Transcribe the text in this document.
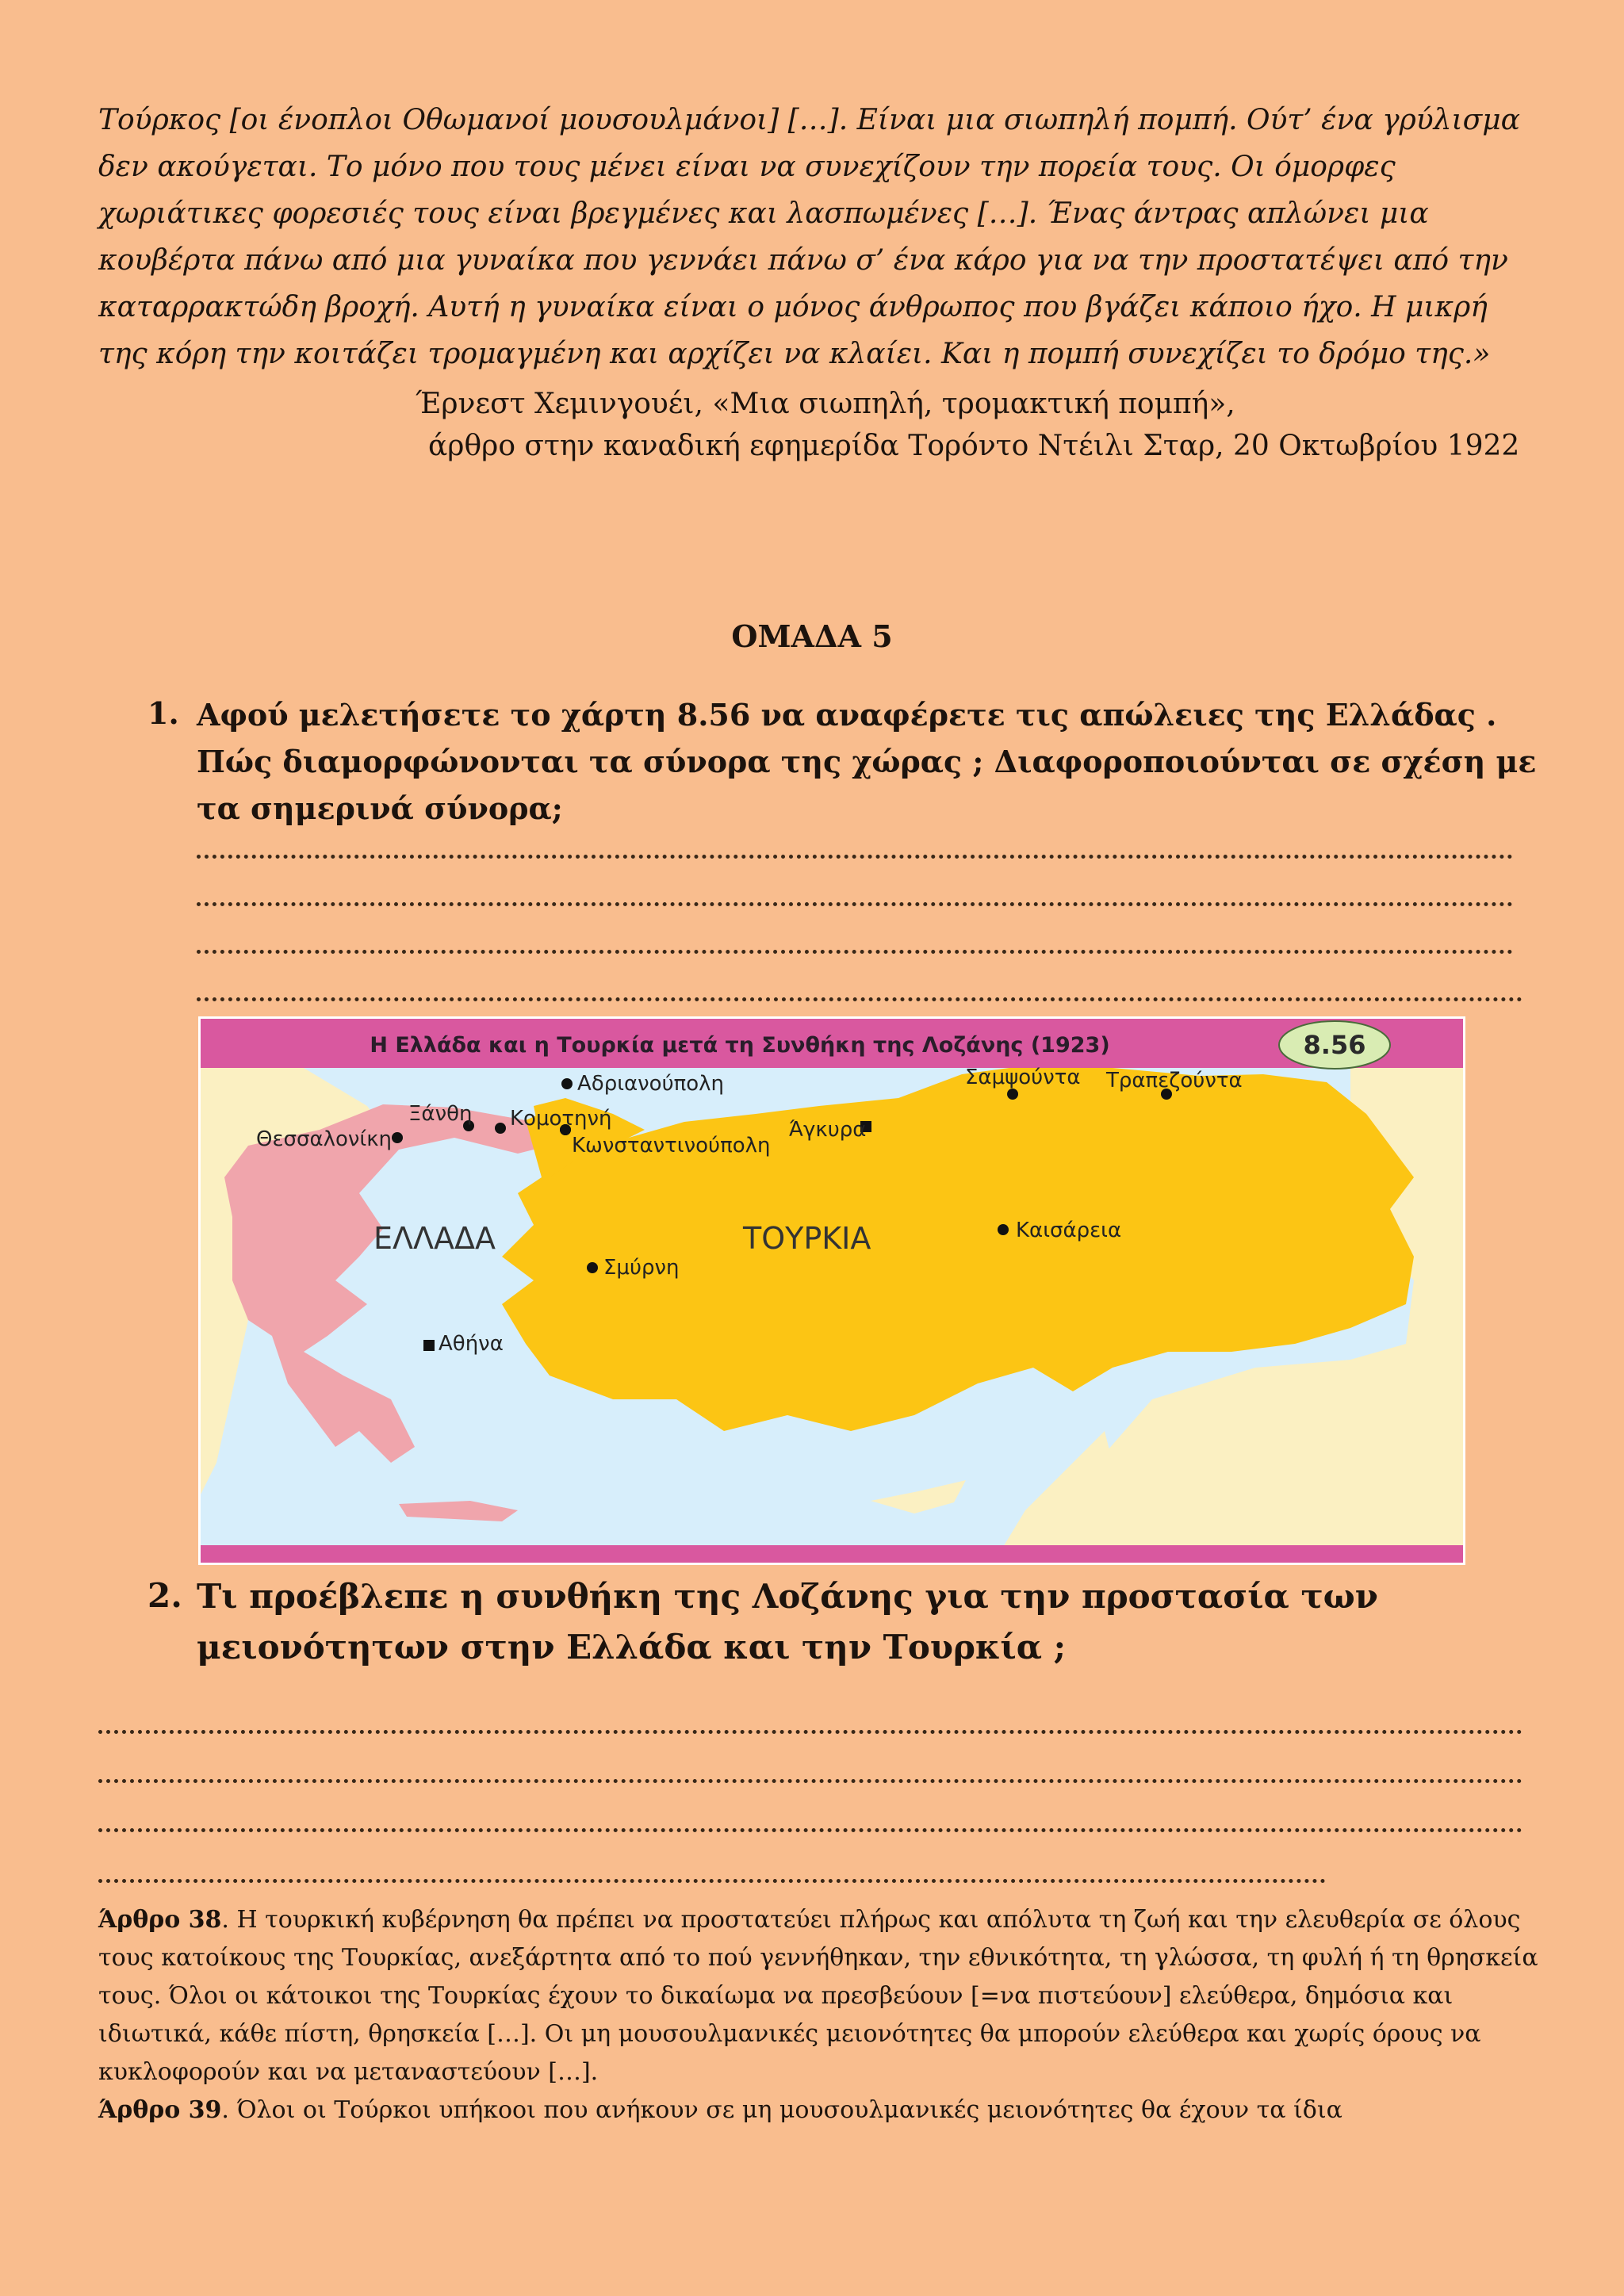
Τούρκος [οι ένοπλοι Οθωμανοί μουσουλμάνοι] […]. Είναι μια σιωπηλή πομπή. Ούτ’ ένα γρύλισμα δεν ακούγεται. Το μόνο που τους μένει είναι να συνεχίζουν την πορεία τους. Οι όμορφες χωριάτικες φορεσιές τους είναι βρεγμένες και λασπωμένες […]. Ένας άντρας απλώνει μια κουβέρτα πάνω από μια γυναίκα που γεννάει πάνω σ’ ένα κάρο για να την προστατέψει από την καταρρακτώδη βροχή. Αυτή η γυναίκα είναι ο μόνος άνθρωπος που βγάζει κάποιο ήχο. Η μικρή της κόρη την κοιτάζει τρομαγμένη και αρχίζει να κλαίει. Και η πομπή συνεχίζει το δρόμο της.»

Έρνεστ Χεμινγουέι, «Μια σιωπηλή, τρομακτική πομπή»,

άρθρο στην καναδική εφημερίδα Τορόντο Ντέιλι Σταρ, 20 Οκτωβρίου 1922

ΟΜΑΔΑ 5

1. Αφού μελετήσετε το χάρτη 8.56 να αναφέρετε τις απώλειες της Ελλάδας . Πώς διαμορφώνονται τα σύνορα της χώρας ; Διαφοροποιούνται σε σχέση με τα σημερινά σύνορα;

Η Ελλάδα και η Τουρκία μετά τη Συνθήκη της Λοζάνης (1923)	8.56
Αδριανούπολη
Ξάνθη Κομοτηνή
Κωνσταντινούπολη
Θεσσαλονίκη
Σαμψούντα Τραπεζούντα
Άγκυρα
ΕΛΛΑΔΑ	ΤΟΥΡΚΙΑ	Καισάρεια
Σμύρνη
Αθήνα

2. Τι προέβλεπε η συνθήκη της Λοζάνης για την προστασία των μειονότητων στην Ελλάδα και την Τουρκία ;

Άρθρο 38. Η τουρκική κυβέρνηση θα πρέπει να προστατεύει πλήρως και απόλυτα τη ζωή και την ελευθερία σε όλους τους κατοίκους της Τουρκίας, ανεξάρτητα από το πού γεννήθηκαν, την εθνικότητα, τη γλώσσα, τη φυλή ή τη θρησκεία τους. Όλοι οι κάτοικοι της Τουρκίας έχουν το δικαίωμα να πρεσβεύουν [=να πιστεύουν] ελεύθερα, δημόσια και ιδιωτικά, κάθε πίστη, θρησκεία […]. Οι μη μουσουλμανικές μειονότητες θα μπορούν ελεύθερα και χωρίς όρους να κυκλοφορούν και να μεταναστεύουν […].

Άρθρο 39. Όλοι οι Τούρκοι υπήκοοι που ανήκουν σε μη μουσουλμανικές μειονότητες θα έχουν τα ίδια
